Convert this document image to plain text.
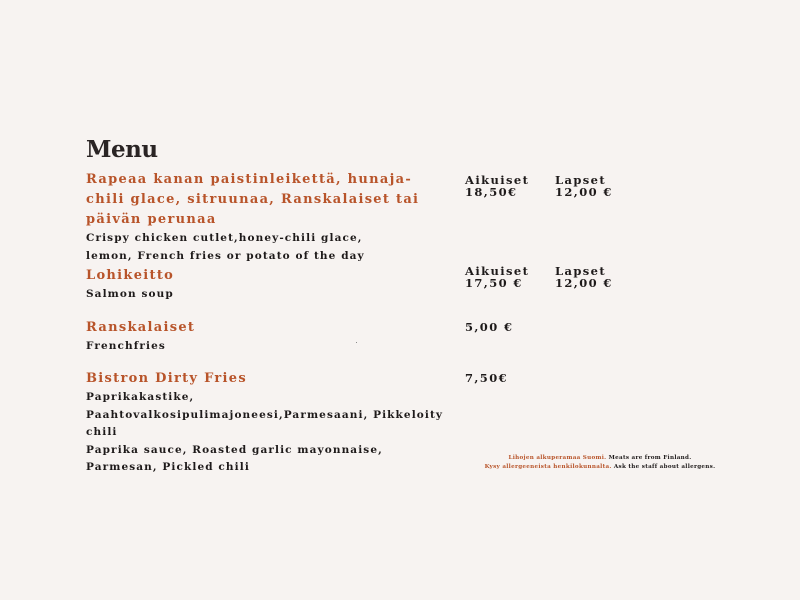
Menu
Rapeaa kanan paistinleikettä, hunaja-
chili glace, sitruunaa, Ranskalaiset tai
päivän perunaa
Crispy chicken cutlet,honey-chili glace,
lemon, French fries or potato of the day
Aikuiset
18,50€
Lapset
12,00 €
Lohikeitto
Salmon soup
Aikuiset
17,50 €
Lapset
12,00 €
Ranskalaiset
Frenchfries
5,00 €
Bistron Dirty Fries
Paprikakastike,
Paahtovalkosipulimajoneesi,Parmesaani, Pikkeloity
chili
Paprika sauce, Roasted garlic mayonnaise,
Parmesan, Pickled chili
7,50€
Lihojen alkuperamaa Suomi. Meats are from Finland.
Kysy allergeeneista henkilokunnalta. Ask the staff about allergens.
